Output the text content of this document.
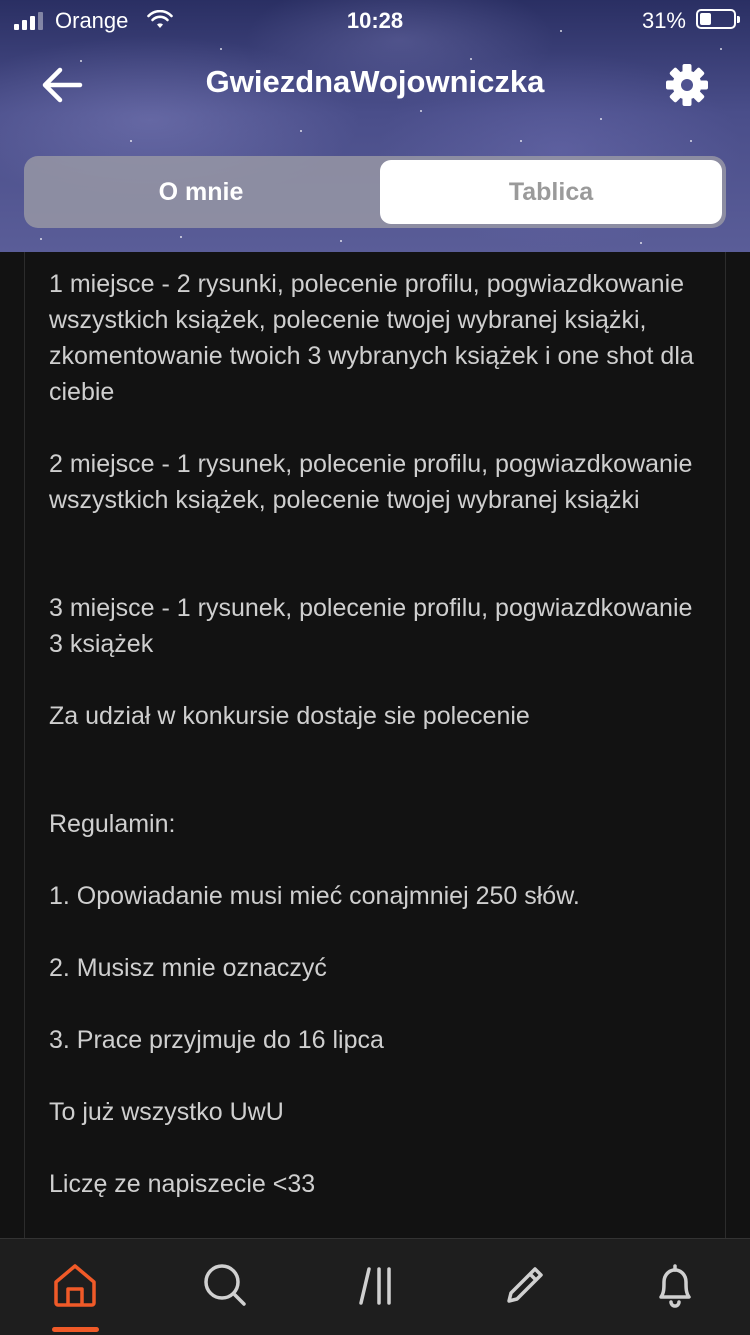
Orange	10:28	31%
GwiezdnaWojowniczka
O mnie	Tablica

1 miejsce - 2 rysunki, polecenie profilu, pogwiazdkowanie wszystkich książek, polecenie twojej wybranej książki, zkomentowanie twoich 3 wybranych książek i one shot dla ciebie

2 miejsce - 1 rysunek, polecenie profilu, pogwiazdkowanie wszystkich książek, polecenie twojej wybranej książki

3 miejsce - 1 rysunek, polecenie profilu, pogwiazdkowanie 3 książek

Za udział w konkursie dostaje sie polecenie

Regulamin:

1. Opowiadanie musi mieć conajmniej 250 słów.

2. Musisz mnie oznaczyć

3. Prace przyjmuje do 16 lipca

To już wszystko UwU

Liczę ze napiszecie <33
